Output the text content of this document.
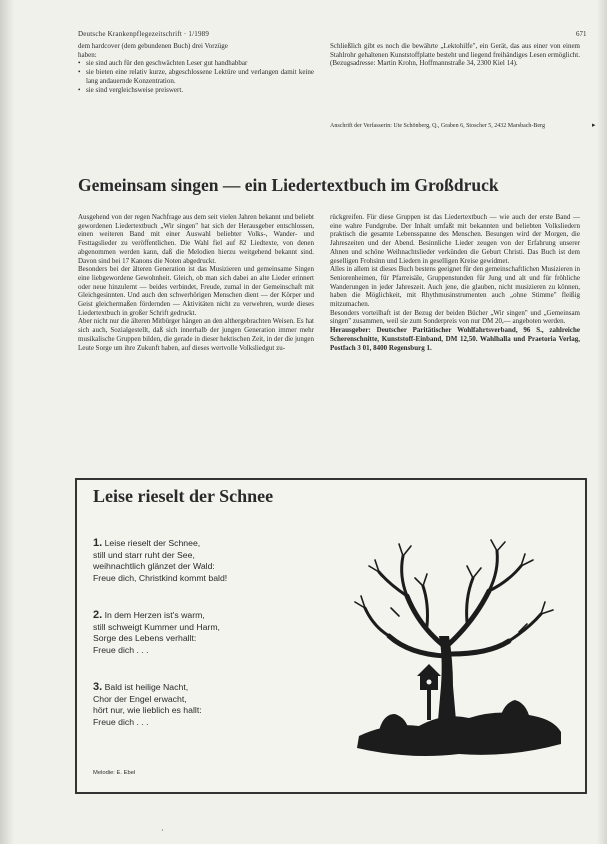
Deutsche Krankenpflegezeitschrift · 1/1989	671

dem hardcover (dem gebundenen Buch) drei Vorzüge

haben:

• sie sind auch für den geschwächten Leser gut handhabbar
• sie bieten eine relativ kurze, abgeschlossene Lektüre und verlangen damit keine lang andauernde Konzentration.
• sie sind vergleichsweise preiswert.

Schließlich gibt es noch die bewährte „Lektohilfe", ein Gerät, das aus einer von einem Stahlrohr gehaltenen Kunststoffplatte besteht und liegend freihändiges Lesen ermöglicht. (Bezugsadresse: Martin Krohn, Hoffmannstraße 34, 2300 Kiel 14).

Anschrift der Verfasserin: Ute Schönberg, Q., Graben 6, Stoscher 5, 2432 Marsbach-Berg	▸
Gemeinsam singen — ein Liedertextbuch im Großdruck

Ausgehend von der regen Nachfrage aus dem seit vielen Jahren bekannt und beliebt gewordenen Liedertextbuch „Wir singen" hat sich der Herausgeber entschlossen, einen weiteren Band mit einer Auswahl beliebter Volks-, Wander- und Festtagslieder zu veröffentlichen. Die Wahl fiel auf 82 Liedtexte, von denen abgenommen werden kann, daß die Melodien hierzu weitgehend bekannt sind. Davon sind bei 17 Kanons die Noten abgedruckt.

Besonders bei der älteren Generation ist das Musizieren und gemeinsame Singen eine liebgewordene Gewohnheit. Gleich, ob man sich dabei an alte Lieder erinnert oder neue hinzulernt — beides verbindet, Freude, zumal in der Gemeinschaft mit Gleichgesinnten. Und auch den schwerhörigen Menschen dient — der Körper und Geist gleichermaßen fördernden — Aktivitäten nicht zu verwehren, wurde dieses Liedertextbuch in großer Schrift gedruckt.

Aber nicht nur die älteren Mitbürger hängen an den althergebrachten Weisen. Es hat sich auch, Sozialgestellt, daß sich innerhalb der jungen Generation immer mehr musikalische Gruppen bilden, die gerade in dieser hektischen Zeit, in der die jungen Leute Sorge um ihre Zukunft haben, auf dieses wertvolle Volksliedgut zu-

rückgreifen. Für diese Gruppen ist das Liedertextbuch — wie auch der erste Band — eine wahre Fundgrube. Der Inhalt umfaßt mit bekannten und beliebten Volksliedern praktisch die gesamte Lebensspanne des Menschen. Besungen wird der Morgen, die Jahreszeiten und der Abend. Besinnliche Lieder zeugen von der Erfahrung unserer Ahnen und schöne Weihnachtslieder verkünden die Geburt Christi. Das Buch ist dem geselligen Frohsinn und Liedern in geselligen Kreise gewidmet.

Alles in allem ist dieses Buch bestens geeignet für den gemeinschaftlichen Musizieren in Seniorenheimen, für Pfarreisäle, Gruppenstunden für Jung und alt und für fröhliche Wanderungen in jeder Jahreszeit. Auch jene, die glauben, nicht musizieren zu können, haben die Möglichkeit, mit Rhythmusinstrumenten auch „ohne Stimme" fleißig mitzumachen.

Besonders vorteilhaft ist der Bezug der beiden Bücher „Wir singen" und „Gemeinsam singen" zusammen, weil sie zum Sonderpreis von nur DM 20,— angeboten werden.

Herausgeber: Deutscher Paritätischer Wohlfahrtsverband, 96 S., zahlreiche Scherenschnitte, Kunststoff-Einband, DM 12,50. Wahlhalla und Praetoria Verlag, Postfach 3 01, 8400 Regensburg 1.

Leise rieselt der Schnee
1. Leise rieselt der Schnee,
still und starr ruht der See,
weihnachtlich glänzet der Wald:
Freue dich, Christkind kommt bald!
2. In dem Herzen ist's warm,
still schweigt Kummer und Harm,
Sorge des Lebens verhallt:
Freue dich . . .
3. Bald ist heilige Nacht,
Chor der Engel erwacht,
hört nur, wie lieblich es hallt:
Freue dich . . .
Melodie: E. Ebel
·
